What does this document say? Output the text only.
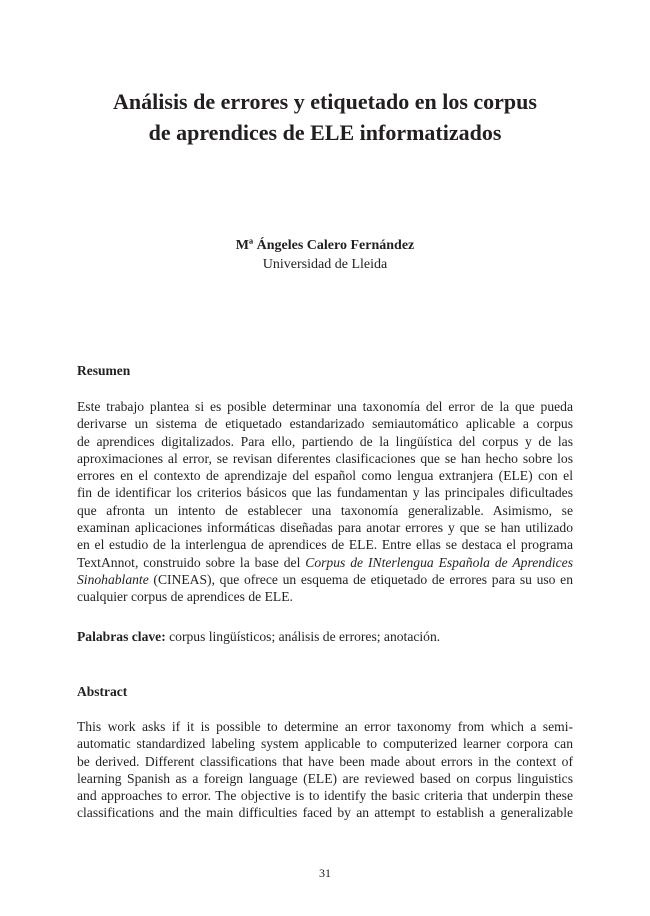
Análisis de errores y etiquetado en los corpus
de aprendices de ELE informatizados
Mª Ángeles Calero Fernández
Universidad de Lleida
Resumen
Este trabajo plantea si es posible determinar una taxonomía del error de la que pueda
derivarse un sistema de etiquetado estandarizado semiautomático aplicable a corpus
de aprendices digitalizados. Para ello, partiendo de la lingüística del corpus y de las
aproximaciones al error, se revisan diferentes clasificaciones que se han hecho sobre los
errores en el contexto de aprendizaje del español como lengua extranjera (ELE) con el
fin de identificar los criterios básicos que las fundamentan y las principales dificultades
que afronta un intento de establecer una taxonomía generalizable. Asimismo, se
examinan aplicaciones informáticas diseñadas para anotar errores y que se han utilizado
en el estudio de la interlengua de aprendices de ELE. Entre ellas se destaca el programa
TextAnnot, construido sobre la base del Corpus de INterlengua Española de Aprendices
Sinohablante (CINEAS), que ofrece un esquema de etiquetado de errores para su uso en
cualquier corpus de aprendices de ELE.
Palabras clave: corpus lingüísticos; análisis de errores; anotación.
Abstract
This work asks if it is possible to determine an error taxonomy from which a semi-
automatic standardized labeling system applicable to computerized learner corpora can
be derived. Different classifications that have been made about errors in the context of
learning Spanish as a foreign language (ELE) are reviewed based on corpus linguistics
and approaches to error. The objective is to identify the basic criteria that underpin these
classifications and the main difficulties faced by an attempt to establish a generalizable
31
